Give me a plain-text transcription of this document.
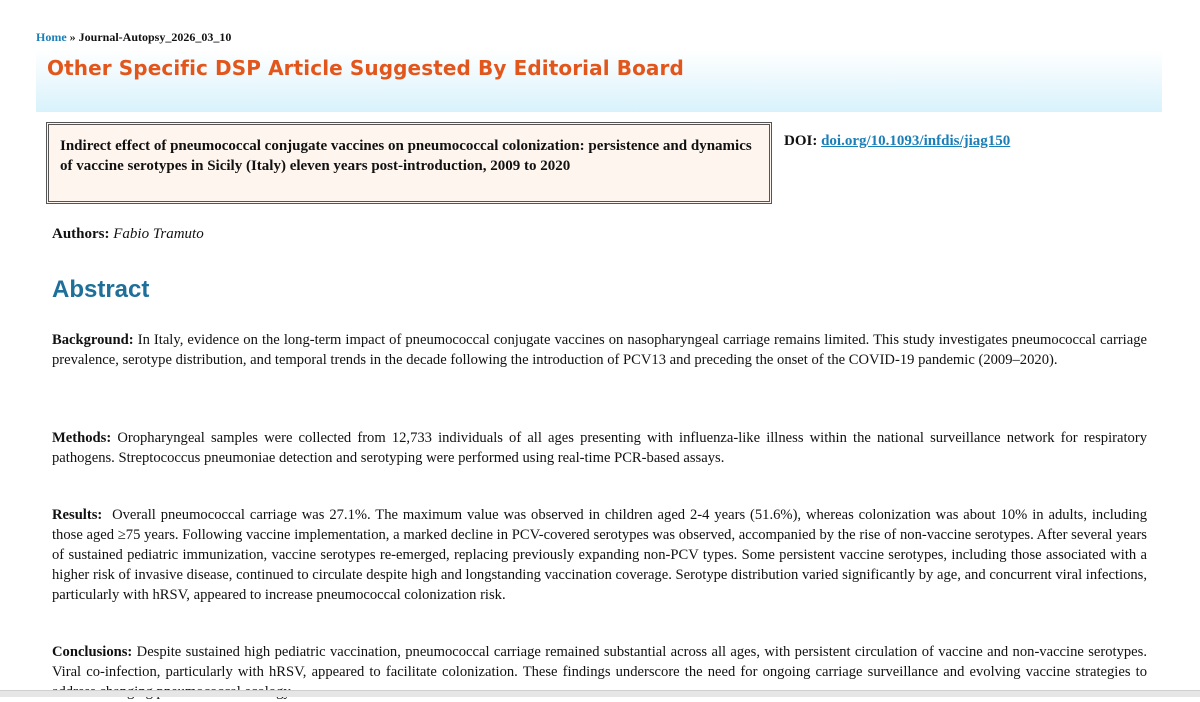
Home » Journal-Autopsy_2026_03_10
Other Specific DSP Article Suggested By Editorial Board
Indirect effect of pneumococcal conjugate vaccines on pneumococcal colonization: persistence and dynamics of vaccine serotypes in Sicily (Italy) eleven years post-introduction, 2009 to 2020
DOI: doi.org/10.1093/infdis/jiag150
Authors: Fabio Tramuto
Abstract
Background: In Italy, evidence on the long-term impact of pneumococcal conjugate vaccines on nasopharyngeal carriage remains limited. This study investigates pneumococcal carriage prevalence, serotype distribution, and temporal trends in the decade following the introduction of PCV13 and preceding the onset of the COVID-19 pandemic (2009–2020).
Methods: Oropharyngeal samples were collected from 12,733 individuals of all ages presenting with influenza-like illness within the national surveillance network for respiratory pathogens. Streptococcus pneumoniae detection and serotyping were performed using real-time PCR-based assays.
Results: Overall pneumococcal carriage was 27.1%. The maximum value was observed in children aged 2-4 years (51.6%), whereas colonization was about 10% in adults, including those aged ≥75 years. Following vaccine implementation, a marked decline in PCV-covered serotypes was observed, accompanied by the rise of non-vaccine serotypes. After several years of sustained pediatric immunization, vaccine serotypes re-emerged, replacing previously expanding non-PCV types. Some persistent vaccine serotypes, including those associated with a higher risk of invasive disease, continued to circulate despite high and longstanding vaccination coverage. Serotype distribution varied significantly by age, and concurrent viral infections, particularly with hRSV, appeared to increase pneumococcal colonization risk.
Conclusions: Despite sustained high pediatric vaccination, pneumococcal carriage remained substantial across all ages, with persistent circulation of vaccine and non-vaccine serotypes. Viral co-infection, particularly with hRSV, appeared to facilitate colonization. These findings underscore the need for ongoing carriage surveillance and evolving vaccine strategies to
